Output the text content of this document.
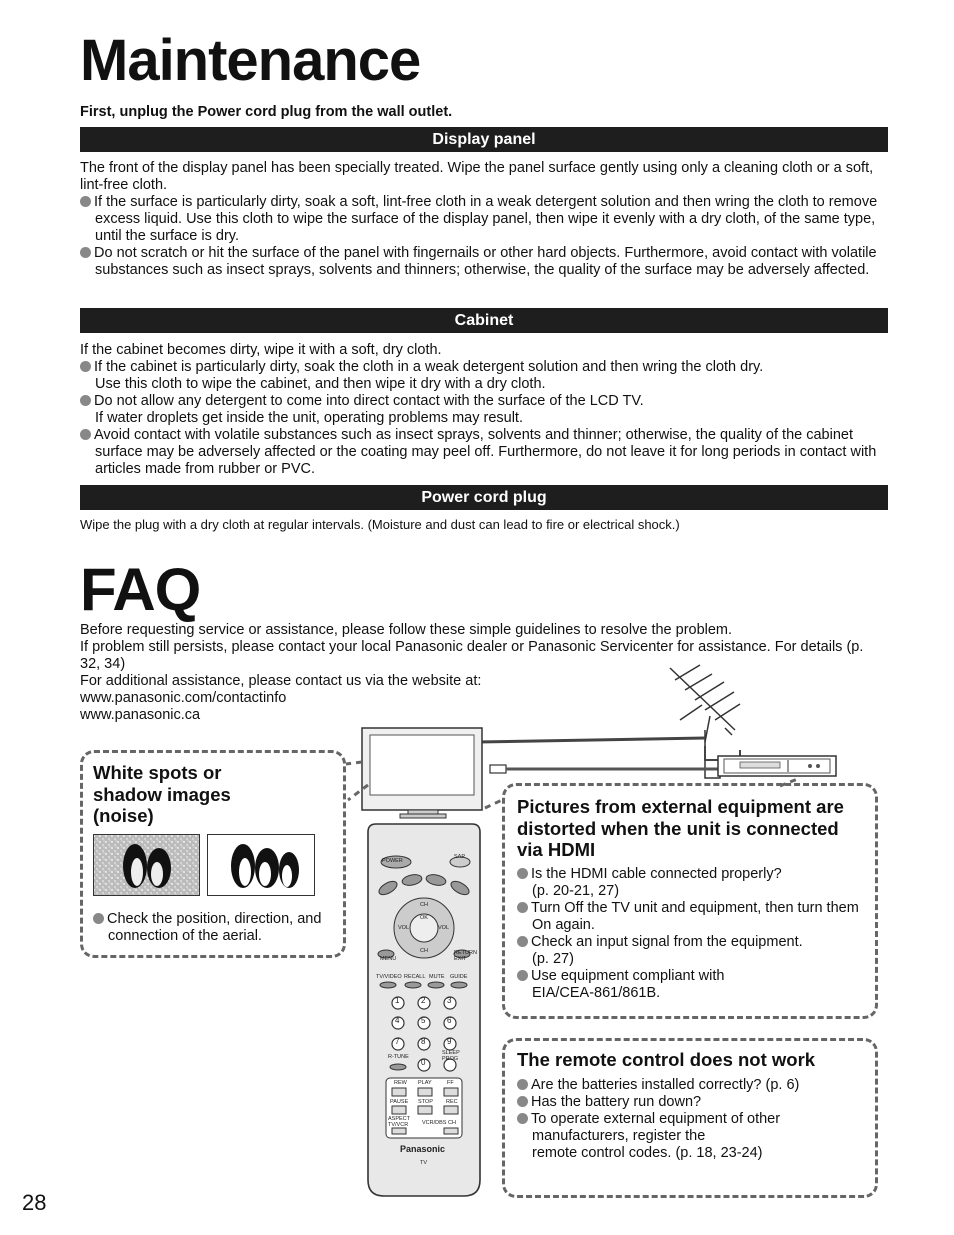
Maintenance
First, unplug the Power cord plug from the wall outlet.
Display panel

The front of the display panel has been specially treated. Wipe the panel surface gently using only a cleaning cloth or a soft, lint-free cloth.

If the surface is particularly dirty, soak a soft, lint-free cloth in a weak detergent solution and then wring the cloth to remove excess liquid. Use this cloth to wipe the surface of the display panel, then wipe it evenly with a dry cloth, of the same type, until the surface is dry.

Do not scratch or hit the surface of the panel with fingernails or other hard objects. Furthermore, avoid contact with volatile substances such as insect sprays, solvents and thinners; otherwise, the quality of the surface may be adversely affected.

Cabinet

If the cabinet becomes dirty, wipe it with a soft, dry cloth.

If the cabinet is particularly dirty, soak the cloth in a weak detergent solution and then wring the cloth dry.
Use this cloth to wipe the cabinet, and then wipe it dry with a dry cloth.

Do not allow any detergent to come into direct contact with the surface of the LCD TV.
If water droplets get inside the unit, operating problems may result.

Avoid contact with volatile substances such as insect sprays, solvents and thinner; otherwise, the quality of the cabinet surface may be adversely affected or the coating may peel off. Furthermore, do not leave it for long periods in contact with articles made from rubber or PVC.

Power cord plug
Wipe the plug with a dry cloth at regular intervals. (Moisture and dust can lead to fire or electrical shock.)
FAQ

Before requesting service or assistance, please follow these simple guidelines to resolve the problem.

If problem still persists, please contact your local Panasonic dealer or Panasonic Servicenter for assistance. For details (p. 32, 34)

For additional assistance, please contact us via the website at:

www.panasonic.com/contactinfo

www.panasonic.ca

POWER
SAP
CH
OK
VOL	VOL
CH
MENU
RETURN EXIT
TV/VIDEO RECALL MUTE GUIDE
1	2	3
4	5	6
7	8	9
R-TUNE
0
SLEEP PROG
REW PLAY	FF
PAUSE STOP REC
ASPECT TV/VCR	VCR/DBS CH
Panasonic
TV
White spots or shadow images (noise)
Check the position, direction, and connection of the aerial.
Pictures from external equipment are distorted when the unit is connected via HDMI

Is the HDMI cable connected properly?
(p. 20-21, 27)

Turn Off the TV unit and equipment, then turn them On again.

Check an input signal from the equipment.
(p. 27)

Use equipment compliant with
EIA/CEA-861/861B.

The remote control does not work

Are the batteries installed correctly? (p. 6)

Has the battery run down?

To operate external equipment of other manufacturers, register the
remote control codes. (p. 18, 23-24)

28
